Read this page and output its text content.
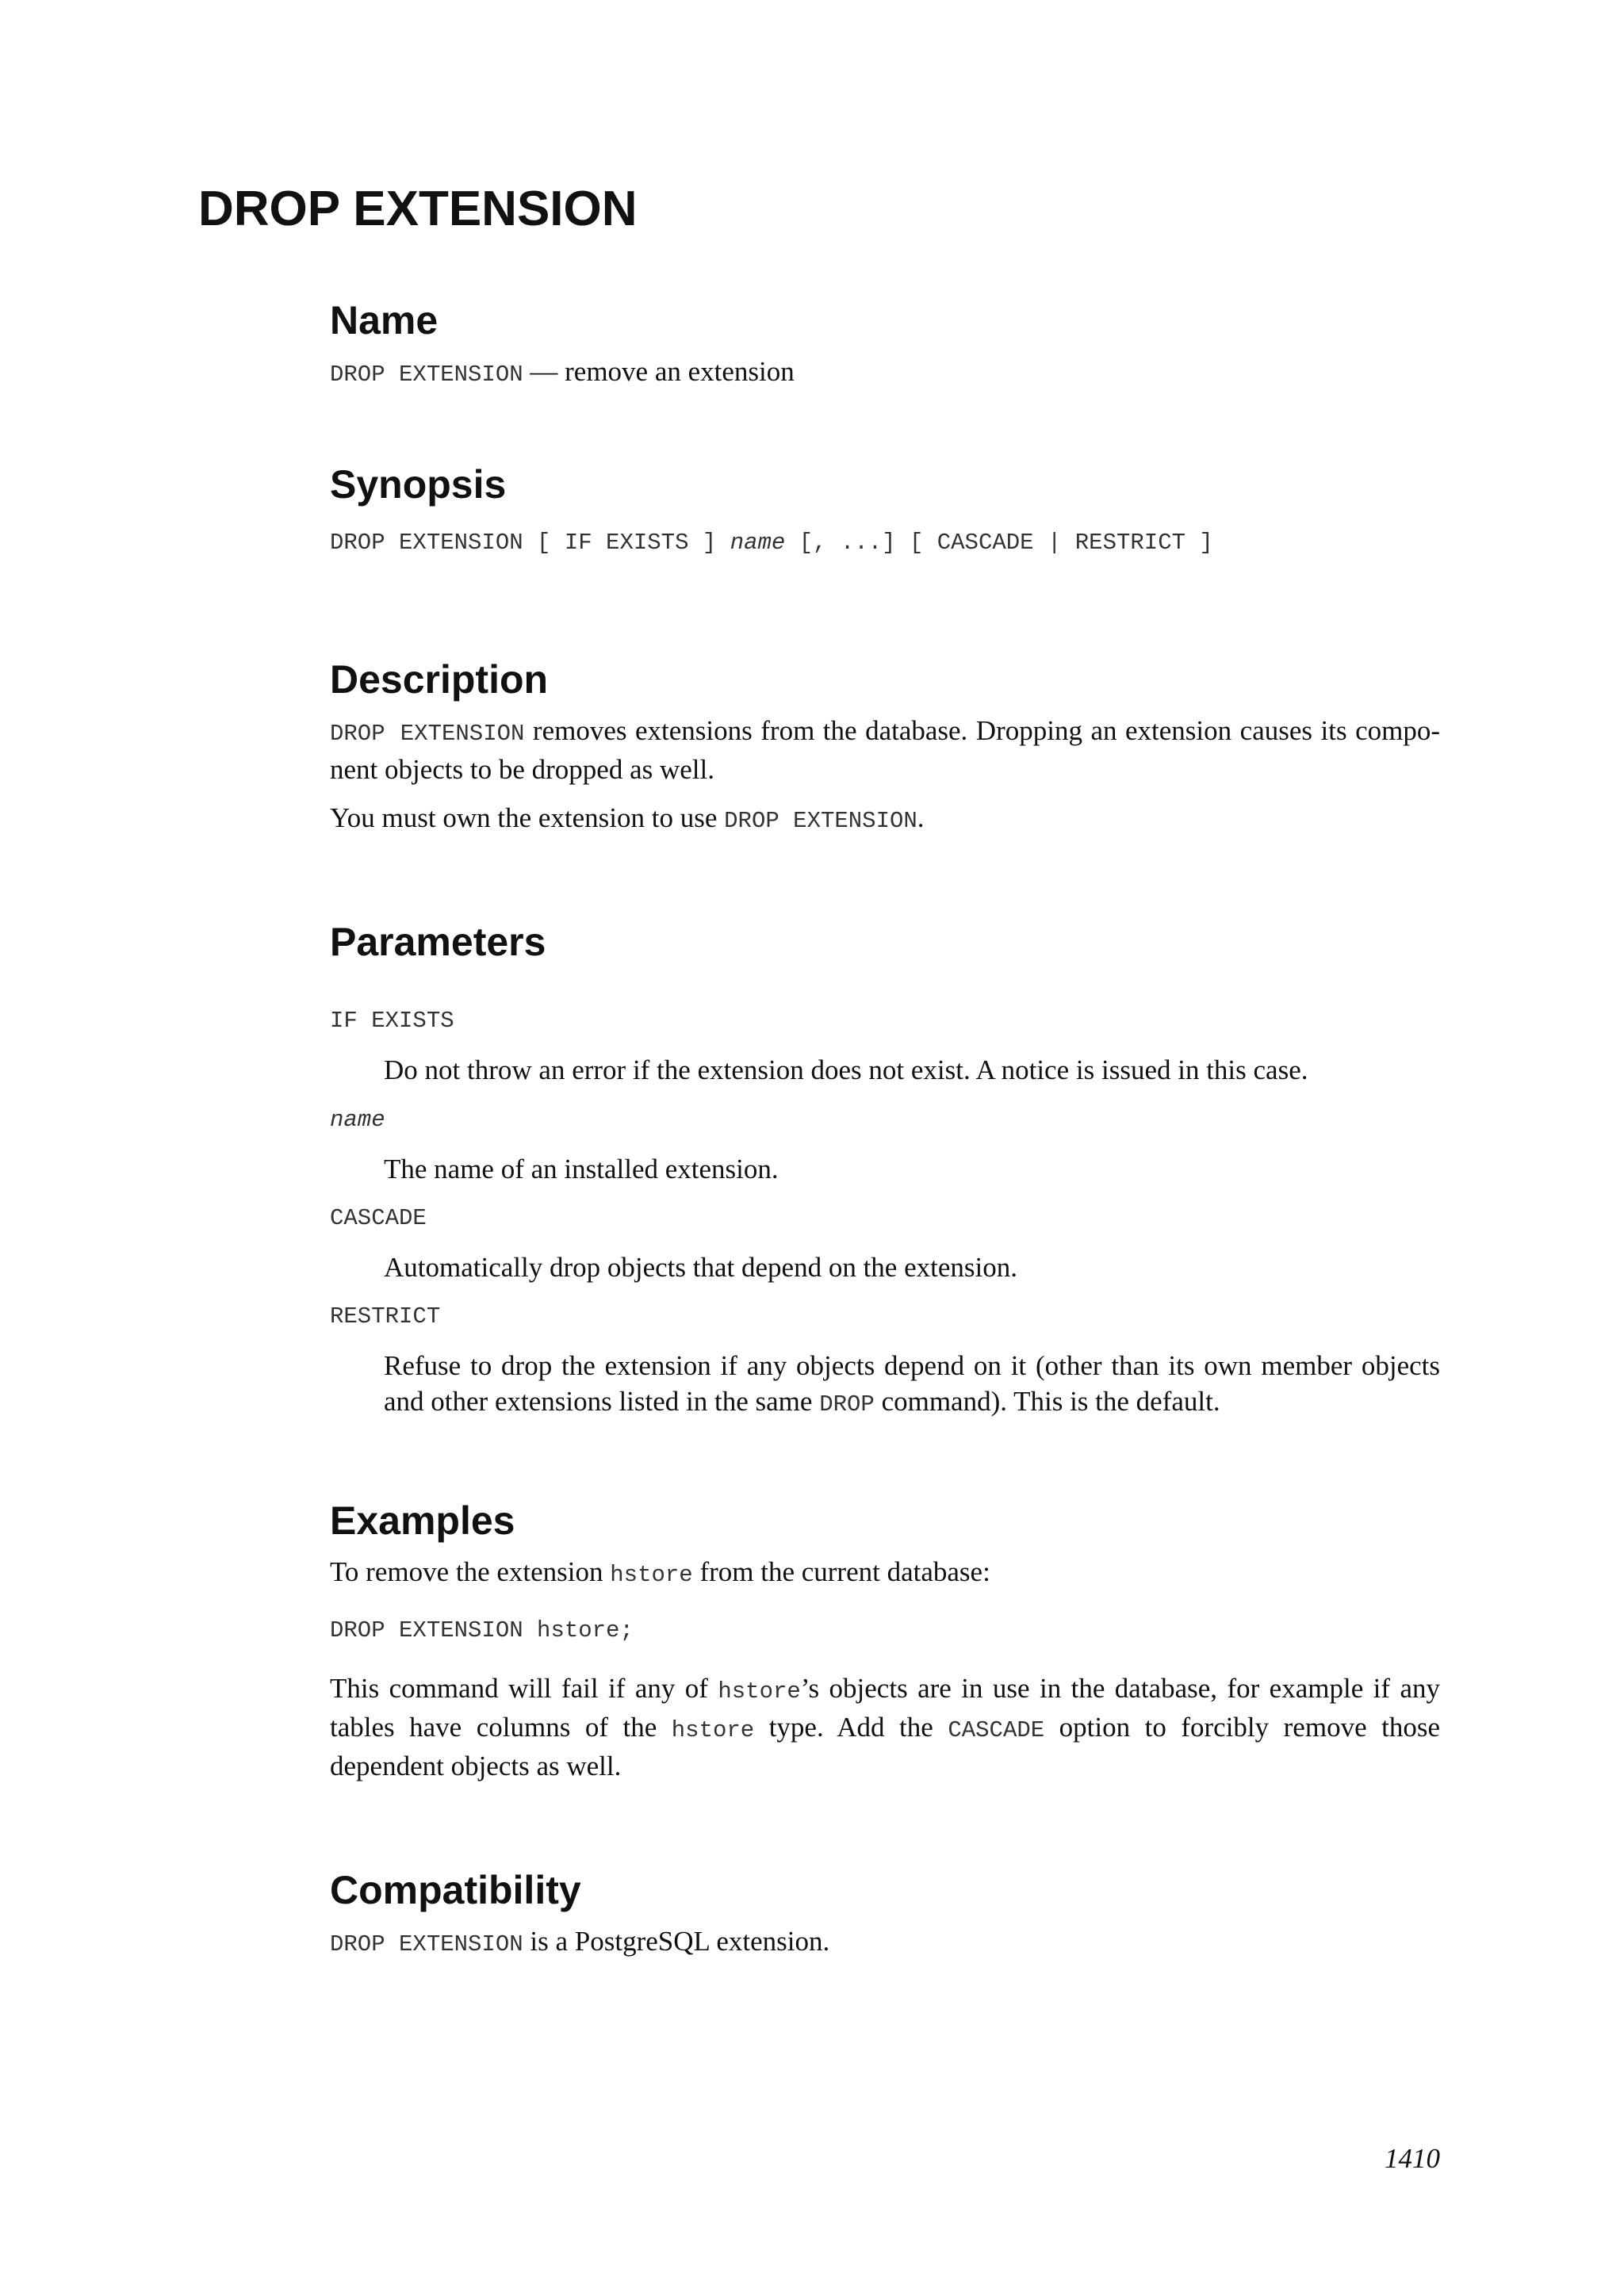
DROP EXTENSION
Name

DROP EXTENSION — remove an extension

Synopsis
DROP EXTENSION [ IF EXISTS ] name [, ...] [ CASCADE | RESTRICT ]
Description

DROP EXTENSION removes extensions from the database. Dropping an extension causes its compo-nent objects to be dropped as well.

You must own the extension to use DROP EXTENSION.

Parameters
IF EXISTS
Do not throw an error if the extension does not exist. A notice is issued in this case.
name
The name of an installed extension.
CASCADE
Automatically drop objects that depend on the extension.
RESTRICT
Refuse to drop the extension if any objects depend on it (other than its own member objects and other extensions listed in the same DROP command). This is the default.
Examples

To remove the extension hstore from the current database:

DROP EXTENSION hstore;

This command will fail if any of hstore’s objects are in use in the database, for example if any tables have columns of the hstore type. Add the CASCADE option to forcibly remove those dependent objects as well.

Compatibility

DROP EXTENSION is a PostgreSQL extension.

1410
